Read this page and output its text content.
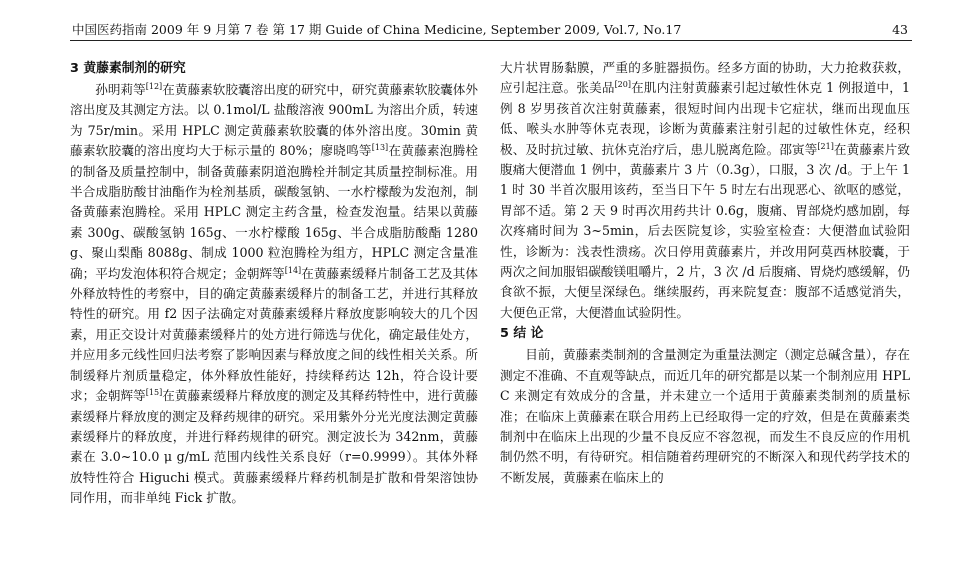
中国医药指南 2009 年 9 月第 7 卷 第 17 期 Guide of China Medicine, September 2009, Vol.7, No.17	43
3 黄藤素制剂的研究

孙明莉等[12]在黄藤素软胶囊溶出度的研究中，研究黄藤素软胶囊体外溶出度及其测定方法。以 0.1mol/L 盐酸溶液 900mL 为溶出介质，转速为 75r/min。采用 HPLC 测定黄藤素软胶囊的体外溶出度。30min 黄藤素软胶囊的溶出度均大于标示量的 80%；廖晓鸣等[13]在黄藤素泡腾栓的制备及质量控制中，制备黄藤素阴道泡腾栓并制定其质量控制标准。用半合成脂肪酸甘油酯作为栓剂基质，碳酸氢钠、一水柠檬酸为发泡剂，制备黄藤素泡腾栓。采用 HPLC 测定主药含量，检查发泡量。结果以黄藤素 300g、碳酸氢钠 165g、一水柠檬酸 165g、半合成脂肪酸酯 1280g、聚山梨酯 8088g、制成 1000 粒泡腾栓为组方，HPLC 测定含量准确；平均发泡体积符合规定；金朝辉等[14]在黄藤素缓释片制备工艺及其体外释放特性的考察中，目的确定黄藤素缓释片的制备工艺，并进行其释放特性的研究。用 f2 因子法确定对黄藤素缓释片释放度影响较大的几个因素，用正交设计对黄藤素缓释片的处方进行筛选与优化，确定最佳处方，并应用多元线性回归法考察了影响因素与释放度之间的线性相关关系。所制缓释片剂质量稳定，体外释放性能好，持续释药达 12h，符合设计要求；金朝辉等[15]在黄藤素缓释片释放度的测定及其释药特性中，进行黄藤素缓释片释放度的测定及释药规律的研究。采用紫外分光光度法测定黄藤素缓释片的释放度，并进行释药规律的研究。测定波长为 342nm，黄藤素在 3.0~10.0 μ g/mL 范围内线性关系良好（r=0.9999）。其体外释放特性符合 Higuchi 模式。黄藤素缓释片释药机制是扩散和骨架溶蚀协同作用，而非单纯 Fick 扩散。

大片状胃肠黏膜，严重的多脏器损伤。经多方面的协助，大力抢救获救，应引起注意。张美品[20]在肌内注射黄藤素引起过敏性休克 1 例报道中，1 例 8 岁男孩首次注射黄藤素，很短时间内出现卡它症状，继而出现血压低、喉头水肿等休克表现，诊断为黄藤素注射引起的过敏性休克，经积极、及时抗过敏、抗休克治疗后，患儿脱离危险。邵寅等[21]在黄藤素片致腹痛大便潜血 1 例中，黄藤素片 3 片（0.3g），口服，3 次 /d。于上午 11 时 30 半首次服用该药，至当日下午 5 时左右出现恶心、欲呕的感觉，胃部不适。第 2 天 9 时再次用药共计 0.6g，腹痛、胃部烧灼感加剧，每次疼痛时间为 3~5min，后去医院复诊，实验室检查：大便潜血试验阳性，诊断为：浅表性溃疡。次日停用黄藤素片，并改用阿莫西林胶囊，于两次之间加服铝碳酸镁咀嚼片，2 片，3 次 /d 后腹痛、胃烧灼感缓解，仍食欲不振，大便呈深绿色。继续服药，再来院复查：腹部不适感觉消失，大便色正常，大便潜血试验阴性。

5 结 论

目前，黄藤素类制剂的含量测定为重量法测定（测定总碱含量），存在测定不准确、不直观等缺点，而近几年的研究都是以某一个制剂应用 HPLC 来测定有效成分的含量，并未建立一个适用于黄藤素类制剂的质量标准；在临床上黄藤素在联合用药上已经取得一定的疗效，但是在黄藤素类制剂中在临床上出现的少量不良反应不容忽视，而发生不良反应的作用机制仍然不明，有待研究。相信随着药理研究的不断深入和现代药学技术的不断发展，黄藤素在临床上的
